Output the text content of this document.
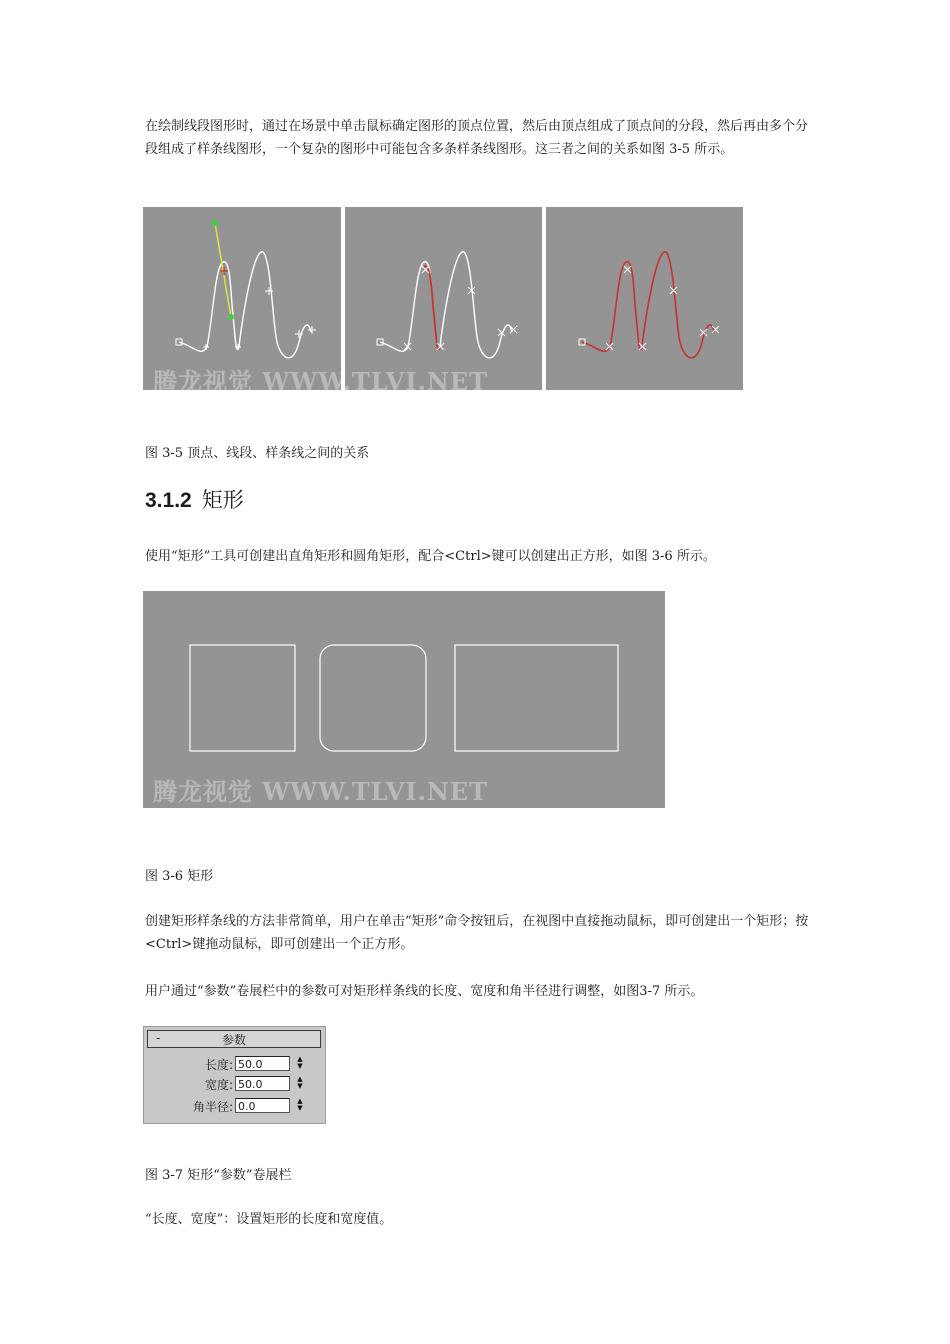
在绘制线段图形时，通过在场景中单击鼠标确定图形的顶点位置，然后由顶点组成了顶点间的分段，然后再由多个分段组成了样条线图形，一个复杂的图形中可能包含多条样条线图形。这三者之间的关系如图 3-5 所示。

腾龙视觉 WWW.TLVI.NET

图 3-5 顶点、线段、样条线之间的关系

3.1.2 矩形

使用“矩形”工具可创建出直角矩形和圆角矩形，配合<Ctrl>键可以创建出正方形，如图 3-6 所示。

腾龙视觉 WWW.TLVI.NET

图 3-6 矩形

创建矩形样条线的方法非常简单，用户在单击“矩形”命令按钮后，在视图中直接拖动鼠标，即可创建出一个矩形；按<Ctrl>键拖动鼠标，即可创建出一个正方形。

用户通过“参数”卷展栏中的参数可对矩形样条线的长度、宽度和角半径进行调整，如图3-7 所示。

-	参数
长度: 50.0	▲
▼
宽度: 50.0	▲
▼
角半径: 0.0	▲
▼

图 3-7 矩形“参数”卷展栏

“长度、宽度”：设置矩形的长度和宽度值。
